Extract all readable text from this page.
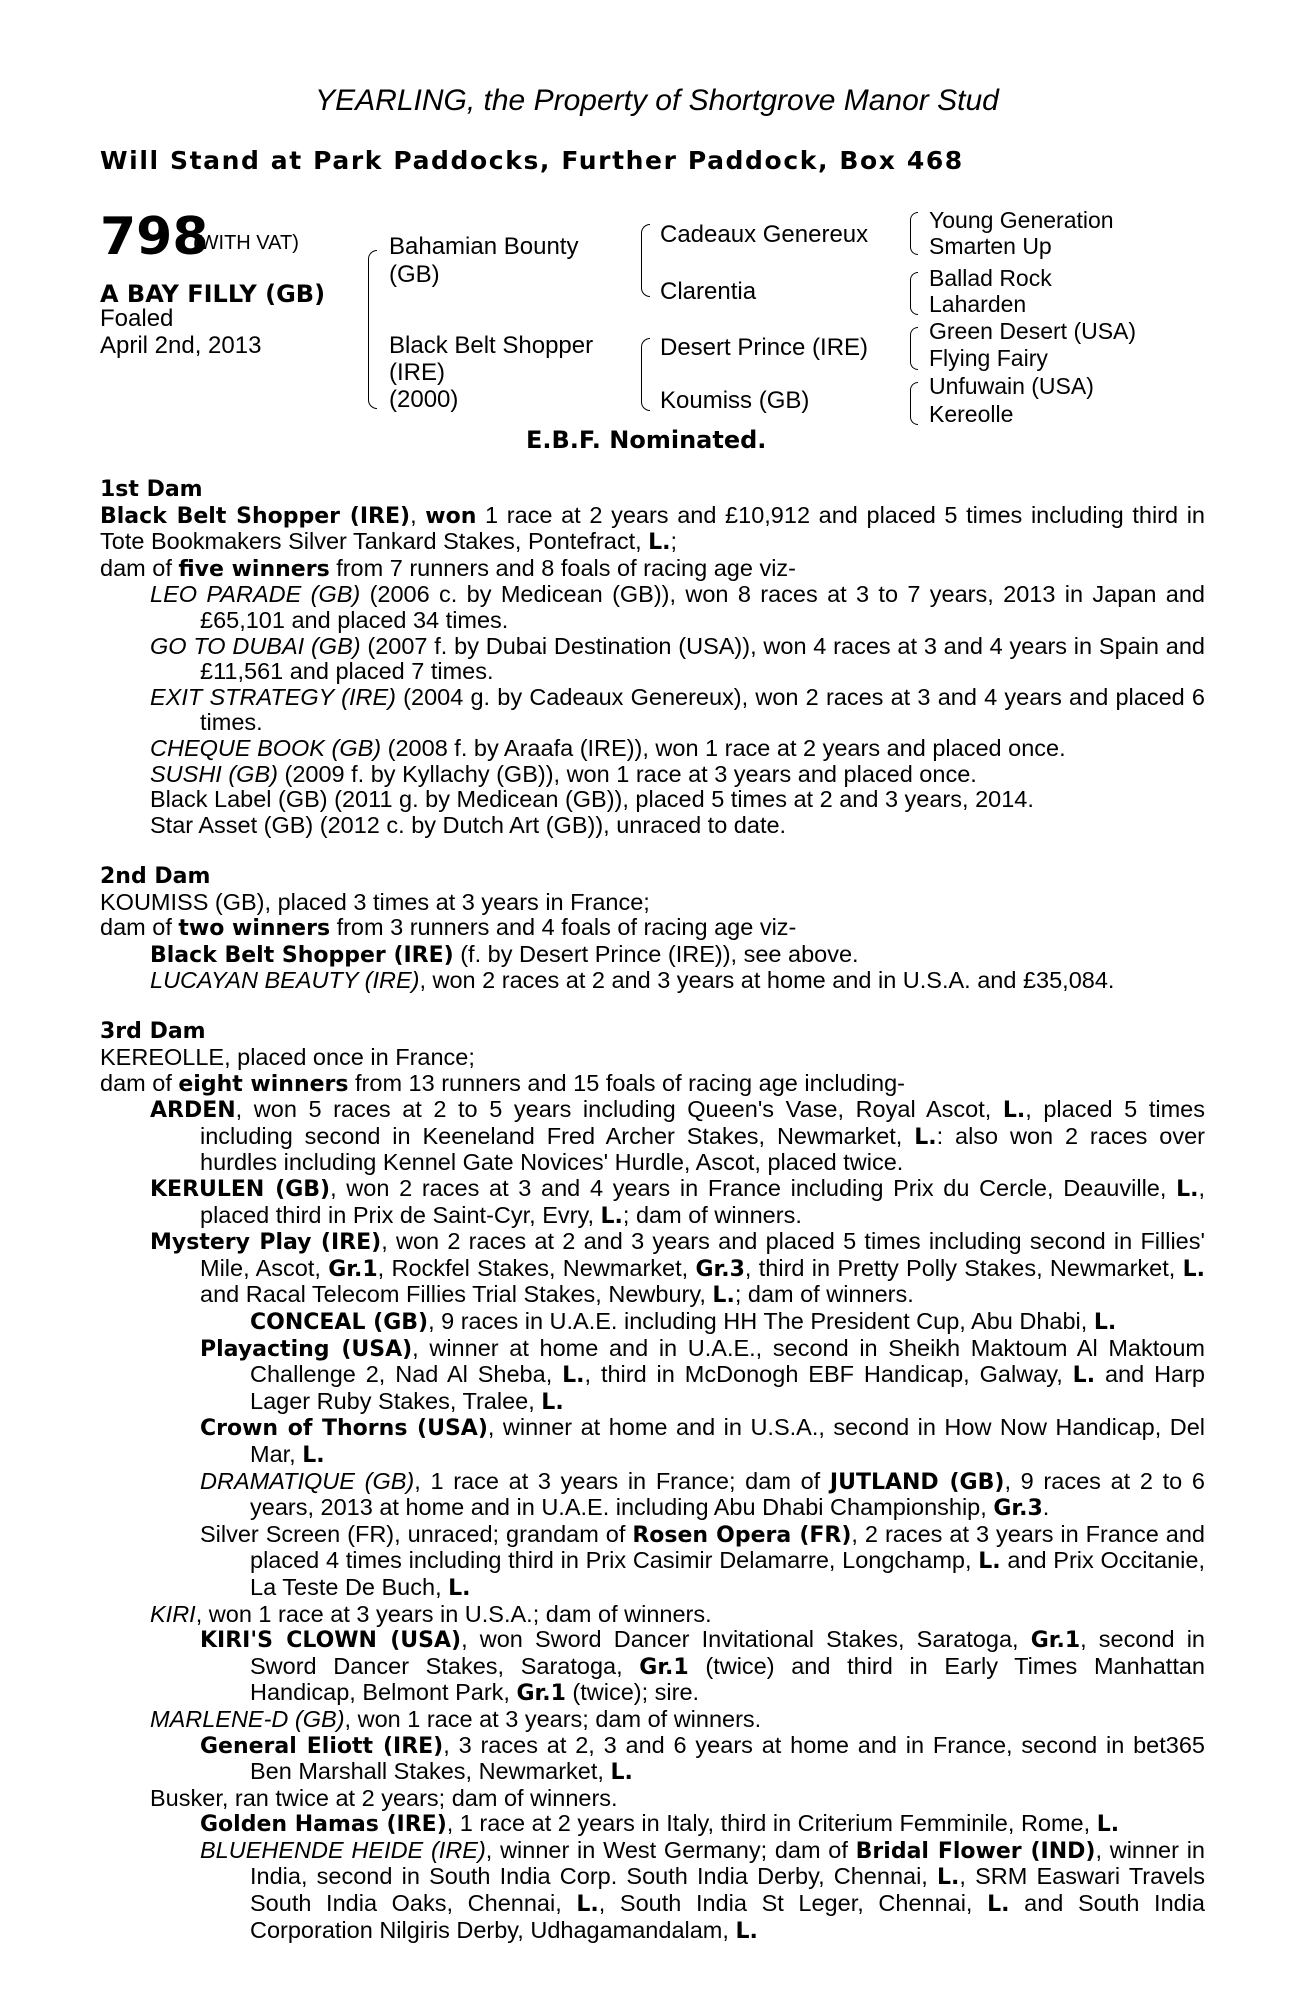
YEARLING, the Property of Shortgrove Manor Stud
Will Stand at Park Paddocks, Further Paddock, Box 468
798
(WITH VAT)
A BAY FILLY (GB)
Foaled
April 2nd, 2013
Bahamian Bounty
(GB)
Black Belt Shopper
(IRE)
(2000)
Cadeaux Genereux
Clarentia
Desert Prince (IRE)
Koumiss (GB)
Young Generation
Smarten Up
Ballad Rock
Laharden
Green Desert (USA)
Flying Fairy
Unfuwain (USA)
Kereolle
E.B.F. Nominated.
1st Dam
Black Belt Shopper (IRE), won 1 race at 2 years and £10,912 and placed 5 times including third in Tote Bookmakers Silver Tankard Stakes, Pontefract, L.;
dam of five winners from 7 runners and 8 foals of racing age viz-
LEO PARADE (GB) (2006 c. by Medicean (GB)), won 8 races at 3 to 7 years, 2013 in Japan and £65,101 and placed 34 times.
GO TO DUBAI (GB) (2007 f. by Dubai Destination (USA)), won 4 races at 3 and 4 years in Spain and £11,561 and placed 7 times.
EXIT STRATEGY (IRE) (2004 g. by Cadeaux Genereux), won 2 races at 3 and 4 years and placed 6 times.
CHEQUE BOOK (GB) (2008 f. by Araafa (IRE)), won 1 race at 2 years and placed once.
SUSHI (GB) (2009 f. by Kyllachy (GB)), won 1 race at 3 years and placed once.
Black Label (GB) (2011 g. by Medicean (GB)), placed 5 times at 2 and 3 years, 2014.
Star Asset (GB) (2012 c. by Dutch Art (GB)), unraced to date.
2nd Dam
KOUMISS (GB), placed 3 times at 3 years in France;
dam of two winners from 3 runners and 4 foals of racing age viz-
Black Belt Shopper (IRE) (f. by Desert Prince (IRE)), see above.
LUCAYAN BEAUTY (IRE), won 2 races at 2 and 3 years at home and in U.S.A. and £35,084.
3rd Dam
KEREOLLE, placed once in France;
dam of eight winners from 13 runners and 15 foals of racing age including-
ARDEN, won 5 races at 2 to 5 years including Queen's Vase, Royal Ascot, L., placed 5 times including second in Keeneland Fred Archer Stakes, Newmarket, L.: also won 2 races over hurdles including Kennel Gate Novices' Hurdle, Ascot, placed twice.
KERULEN (GB), won 2 races at 3 and 4 years in France including Prix du Cercle, Deauville, L., placed third in Prix de Saint-Cyr, Evry, L.; dam of winners.
Mystery Play (IRE), won 2 races at 2 and 3 years and placed 5 times including second in Fillies' Mile, Ascot, Gr.1, Rockfel Stakes, Newmarket, Gr.3, third in Pretty Polly Stakes, Newmarket, L. and Racal Telecom Fillies Trial Stakes, Newbury, L.; dam of winners.
CONCEAL (GB), 9 races in U.A.E. including HH The President Cup, Abu Dhabi, L.
Playacting (USA), winner at home and in U.A.E., second in Sheikh Maktoum Al Maktoum Challenge 2, Nad Al Sheba, L., third in McDonogh EBF Handicap, Galway, L. and Harp Lager Ruby Stakes, Tralee, L.
Crown of Thorns (USA), winner at home and in U.S.A., second in How Now Handicap, Del Mar, L.
DRAMATIQUE (GB), 1 race at 3 years in France; dam of JUTLAND (GB), 9 races at 2 to 6 years, 2013 at home and in U.A.E. including Abu Dhabi Championship, Gr.3.
Silver Screen (FR), unraced; grandam of Rosen Opera (FR), 2 races at 3 years in France and placed 4 times including third in Prix Casimir Delamarre, Longchamp, L. and Prix Occitanie, La Teste De Buch, L.
KIRI, won 1 race at 3 years in U.S.A.; dam of winners.
KIRI'S CLOWN (USA), won Sword Dancer Invitational Stakes, Saratoga, Gr.1, second in Sword Dancer Stakes, Saratoga, Gr.1 (twice) and third in Early Times Manhattan Handicap, Belmont Park, Gr.1 (twice); sire.
MARLENE-D (GB), won 1 race at 3 years; dam of winners.
General Eliott (IRE), 3 races at 2, 3 and 6 years at home and in France, second in bet365 Ben Marshall Stakes, Newmarket, L.
Busker, ran twice at 2 years; dam of winners.
Golden Hamas (IRE), 1 race at 2 years in Italy, third in Criterium Femminile, Rome, L.
BLUEHENDE HEIDE (IRE), winner in West Germany; dam of Bridal Flower (IND), winner in India, second in South India Corp. South India Derby, Chennai, L., SRM Easwari Travels South India Oaks, Chennai, L., South India St Leger, Chennai, L. and South India Corporation Nilgiris Derby, Udhagamandalam, L.
